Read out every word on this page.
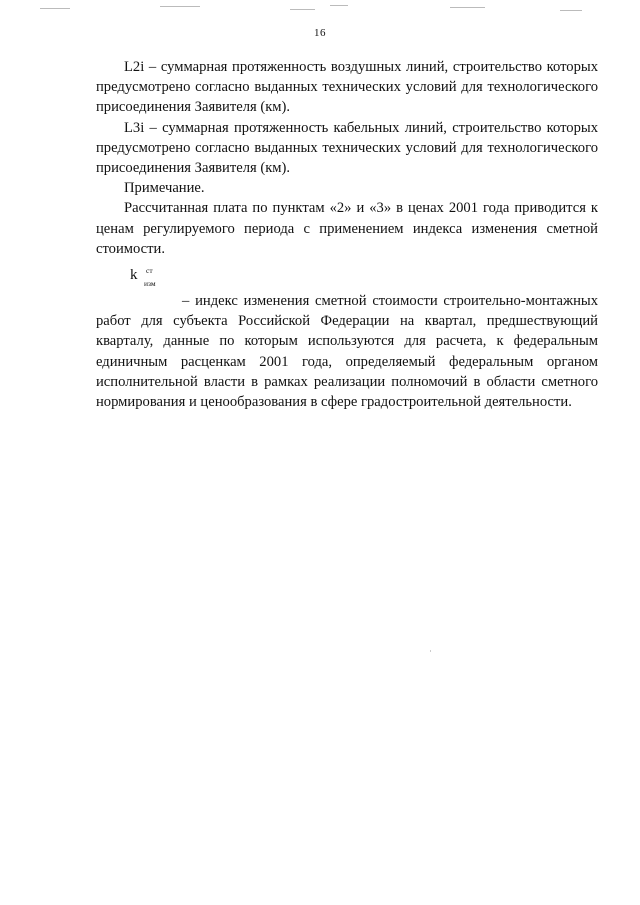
16

L2i – суммарная протяженность воздушных линий, строительство которых предусмотрено согласно выданных технических условий для технологического присоединения Заявителя (км).

L3i – суммарная протяженность кабельных линий, строительство которых предусмотрено согласно выданных технических условий для технологического присоединения Заявителя (км).

Примечание.

Рассчитанная плата по пунктам «2» и «3» в ценах 2001 года приводится к ценам регулируемого периода с применением индекса изменения сметной стоимости.

k ст
изм

– индекс изменения сметной стоимости строительно-монтажных работ для субъекта Российской Федерации на квартал, предшествующий кварталу, данные по которым используются для расчета, к федеральным единичным расценкам 2001 года, определяемый федеральным органом исполнительной власти в рамках реализации полномочий в области сметного нормирования и ценообразования в сфере градостроительной деятельности.
